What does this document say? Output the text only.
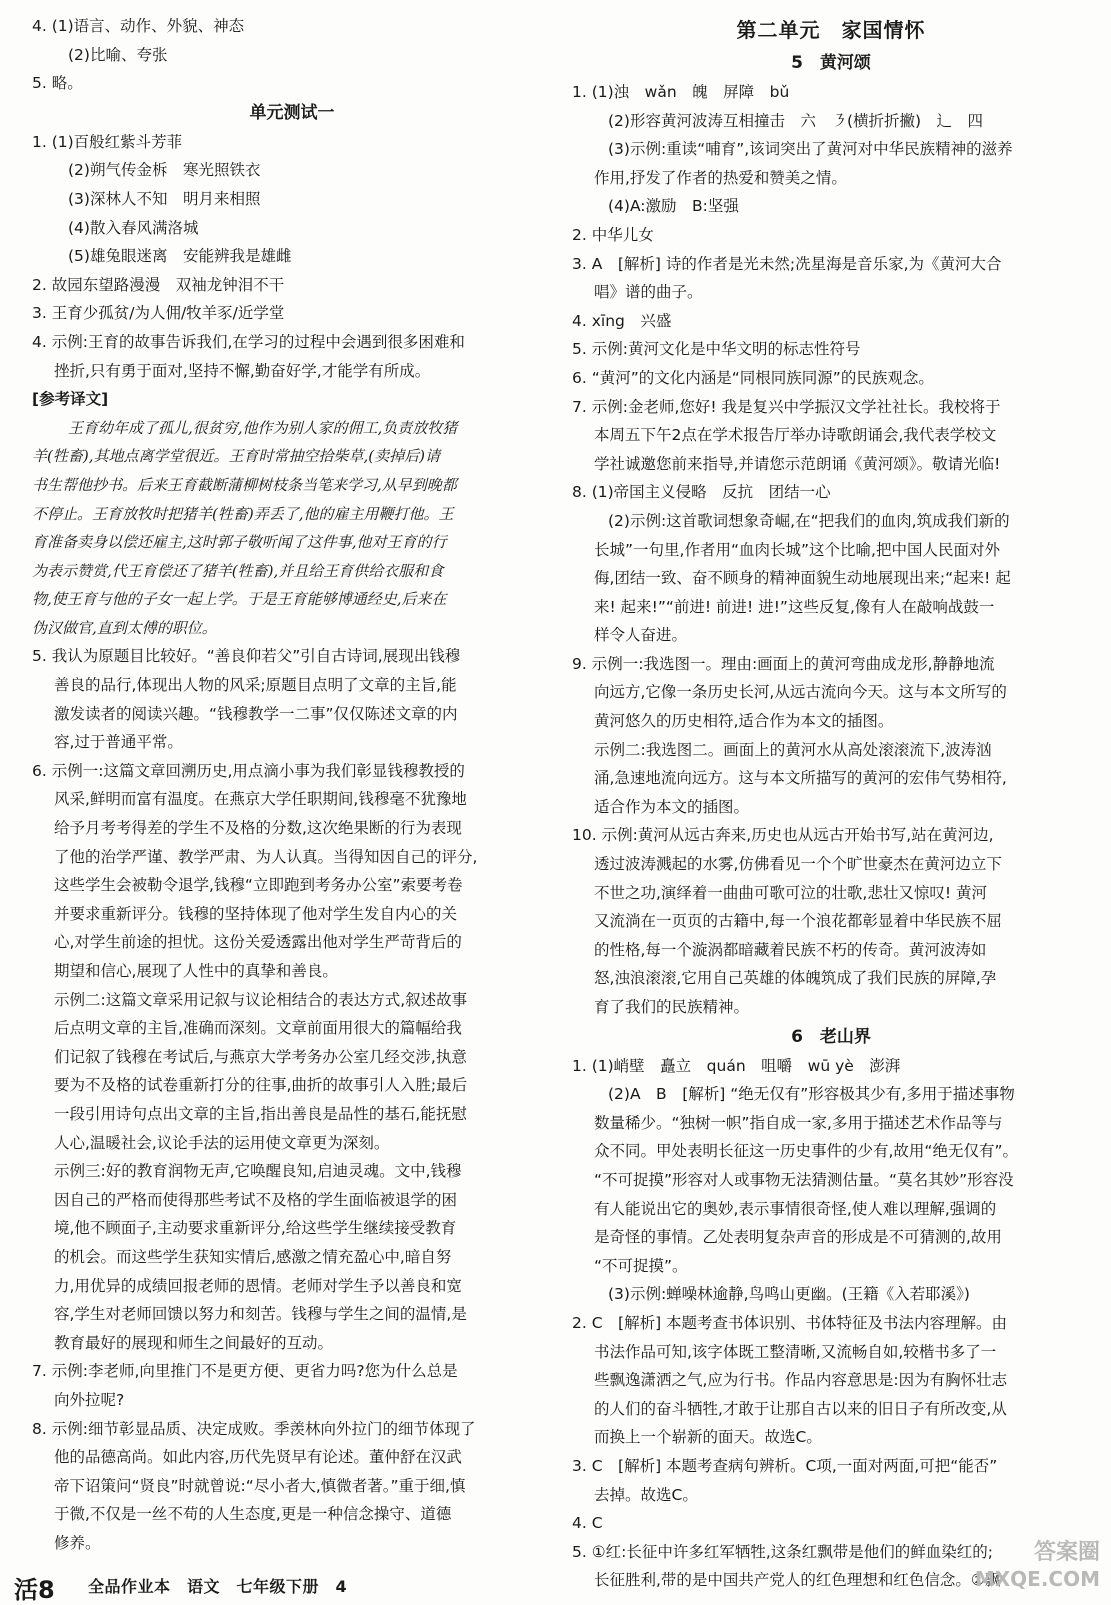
4. (1)语言、动作、外貌、神态
(2)比喻、夸张
5. 略。
单元测试一
1. (1)百般红紫斗芳菲
(2)朔气传金柝　寒光照铁衣
(3)深林人不知　明月来相照
(4)散入春风满洛城
(5)雄兔眼迷离　安能辨我是雄雌
2. 故园东望路漫漫　双袖龙钟泪不干
3. 王育少孤贫/为人佣/牧羊豕/近学堂
4. 示例:王育的故事告诉我们,在学习的过程中会遇到很多困难和
挫折,只有勇于面对,坚持不懈,勤奋好学,才能学有所成。
[参考译文]
王育幼年成了孤儿,很贫穷,他作为别人家的佣工,负责放牧猪
羊(牲畜),其地点离学堂很近。王育时常抽空拾柴草,(卖掉后)请
书生帮他抄书。后来王育截断蒲柳树枝条当笔来学习,从早到晚都
不停止。王育放牧时把猪羊(牲畜)弄丢了,他的雇主用鞭打他。王
育准备卖身以偿还雇主,这时郭子敬听闻了这件事,他对王育的行
为表示赞赏,代王育偿还了猪羊(牲畜),并且给王育供给衣服和食
物,使王育与他的子女一起上学。于是王育能够博通经史,后来在
伪汉做官,直到太傅的职位。
5. 我认为原题目比较好。“善良仰若父”引自古诗词,展现出钱穆
善良的品行,体现出人物的风采;原题目点明了文章的主旨,能
激发读者的阅读兴趣。“钱穆教学一二事”仅仅陈述文章的内
容,过于普通平常。
6. 示例一:这篇文章回溯历史,用点滴小事为我们彰显钱穆教授的
风采,鲜明而富有温度。在燕京大学任职期间,钱穆毫不犹豫地
给予月考考得差的学生不及格的分数,这次绝果断的行为表现
了他的治学严谨、教学严肃、为人认真。当得知因自己的评分,
这些学生会被勒令退学,钱穆“立即跑到考务办公室”索要考卷
并要求重新评分。钱穆的坚持体现了他对学生发自内心的关
心,对学生前途的担忧。这份关爱透露出他对学生严苛背后的
期望和信心,展现了人性中的真挚和善良。
示例二:这篇文章采用记叙与议论相结合的表达方式,叙述故事
后点明文章的主旨,准确而深刻。文章前面用很大的篇幅给我
们记叙了钱穆在考试后,与燕京大学考务办公室几经交涉,执意
要为不及格的试卷重新打分的往事,曲折的故事引人入胜;最后
一段引用诗句点出文章的主旨,指出善良是品性的基石,能抚慰
人心,温暖社会,议论手法的运用使文章更为深刻。
示例三:好的教育润物无声,它唤醒良知,启迪灵魂。文中,钱穆
因自己的严格而使得那些考试不及格的学生面临被退学的困
境,他不顾面子,主动要求重新评分,给这些学生继续接受教育
的机会。而这些学生获知实情后,感激之情充盈心中,暗自努
力,用优异的成绩回报老师的恩情。老师对学生予以善良和宽
容,学生对老师回馈以努力和刻苦。钱穆与学生之间的温情,是
教育最好的展现和师生之间最好的互动。
7. 示例:李老师,向里推门不是更方便、更省力吗?您为什么总是
向外拉呢?
8. 示例:细节彰显品质、决定成败。季羡林向外拉门的细节体现了
他的品德高尚。如此内容,历代先贤早有论述。董仲舒在汉武
帝下诏策问“贤良”时就曾说:“尽小者大,慎微者著。”重于细,慎
于微,不仅是一丝不苟的人生态度,更是一种信念操守、道德
修养。
第二单元　家国情怀
5　黄河颂
1. (1)浊　wǎn　魄　屏障　bǔ
(2)形容黄河波涛互相撞击　六　㇋(横折折撇)　⻌　四
(3)示例:重读“哺育”,该词突出了黄河对中华民族精神的滋养
作用,抒发了作者的热爱和赞美之情。
(4)A:激励　B:坚强
2. 中华儿女
3. A　[解析] 诗的作者是光未然;冼星海是音乐家,为《黄河大合
唱》谱的曲子。
4. xīng　兴盛
5. 示例:黄河文化是中华文明的标志性符号
6. “黄河”的文化内涵是“同根同族同源”的民族观念。
7. 示例:金老师,您好! 我是复兴中学振汉文学社社长。我校将于
本周五下午2点在学术报告厅举办诗歌朗诵会,我代表学校文
学社诚邀您前来指导,并请您示范朗诵《黄河颂》。敬请光临!
8. (1)帝国主义侵略　反抗　团结一心
(2)示例:这首歌词想象奇崛,在“把我们的血肉,筑成我们新的
长城”一句里,作者用“血肉长城”这个比喻,把中国人民面对外
侮,团结一致、奋不顾身的精神面貌生动地展现出来;“起来! 起
来! 起来!”“前进! 前进! 进!”这些反复,像有人在敲响战鼓一
样令人奋进。
9. 示例一:我选图一。理由:画面上的黄河弯曲成龙形,静静地流
向远方,它像一条历史长河,从远古流向今天。这与本文所写的
黄河悠久的历史相符,适合作为本文的插图。
示例二:我选图二。画面上的黄河水从高处滚滚流下,波涛汹
涌,急速地流向远方。这与本文所描写的黄河的宏伟气势相符,
适合作为本文的插图。
10. 示例:黄河从远古奔来,历史也从远古开始书写,站在黄河边,
透过波涛溅起的水雾,仿佛看见一个个旷世豪杰在黄河边立下
不世之功,演绎着一曲曲可歌可泣的壮歌,悲壮又惊叹! 黄河
又流淌在一页页的古籍中,每一个浪花都彰显着中华民族不屈
的性格,每一个漩涡都暗藏着民族不朽的传奇。黄河波涛如
怒,浊浪滚滚,它用自己英雄的体魄筑成了我们民族的屏障,孕
育了我们的民族精神。
6　老山界
1. (1)峭壁　矗立　quán　咀嚼　wū yè　澎湃
(2)A　B　[解析] “绝无仅有”形容极其少有,多用于描述事物
数量稀少。“独树一帜”指自成一家,多用于描述艺术作品等与
众不同。甲处表明长征这一历史事件的少有,故用“绝无仅有”。
“不可捉摸”形容对人或事物无法猜测估量。“莫名其妙”形容没
有人能说出它的奥妙,表示事情很奇怪,使人难以理解,强调的
是奇怪的事情。乙处表明复杂声音的形成是不可猜测的,故用
“不可捉摸”。
(3)示例:蝉噪林逾静,鸟鸣山更幽。(王籍《入若耶溪》)
2. C　[解析] 本题考查书体识别、书体特征及书法内容理解。由
书法作品可知,该字体既工整清晰,又流畅自如,较楷书多了一
些飘逸潇洒之气,应为行书。作品内容意思是:因为有胸怀壮志
的人们的奋斗牺牲,才敢于让那自古以来的旧日子有所改变,从
而换上一个崭新的面天。故选C。
3. C　[解析] 本题考查病句辨析。C项,一面对两面,可把“能否”
去掉。故选C。
4. C
5. ①红:长征中许多红军牺牲,这条红飘带是他们的鲜血染红的;
长征胜利,带的是中国共产党人的红色理想和红色信念。②飘
活8 全品作业本　语文　七年级下册　4
答案圈
MXQE.COM
